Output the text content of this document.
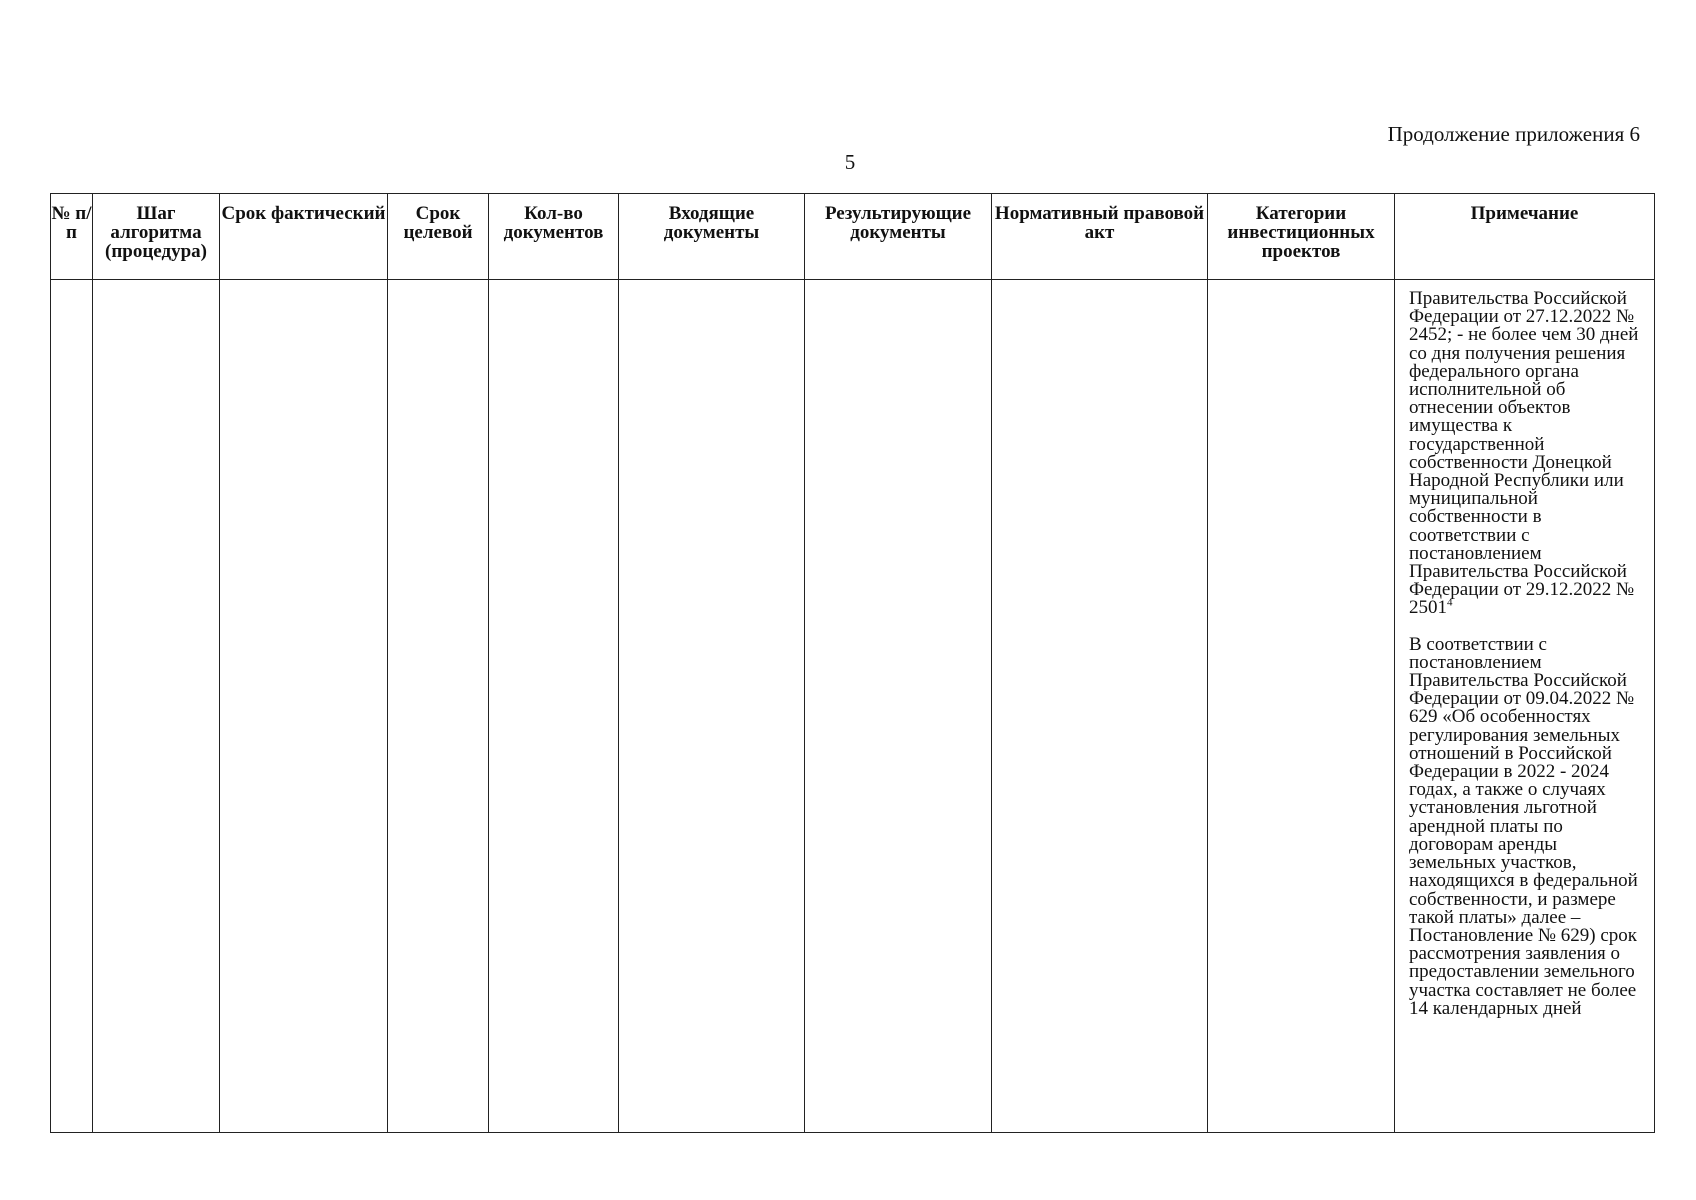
Продолжение приложения 6
5
№ п/п	Шаг алгоритма (процедура)	Срок фактический	Срок целевой	Кол-во документов	Входящие документы	Результирующие документы	Нормативный правовой акт	Категории инвестиционных проектов	Примечание

									Правительства Российской Федерации от 27.12.2022 № 2452; - не более чем 30 дней со дня получения решения федерального органа исполнительной об отнесении объектов имущества к государственной собственности Донецкой Народной Республики или муниципальной собственности в соответствии с постановлением Правительства Российской Федерации от 29.12.2022 № 2501$^4$

В соответствии с постановлением Правительства Российской Федерации от 09.04.2022 № 629 «Об особенностях регулирования земельных отношений в Российской Федерации в 2022 - 2024 годах, а также о случаях установления льготной арендной платы по договорам аренды земельных участков, находящихся в федеральной собственности, и размере такой платы» далее – Постановление № 629) срок рассмотрения заявления о предоставлении земельного участка составляет не более 14 календарных дней
